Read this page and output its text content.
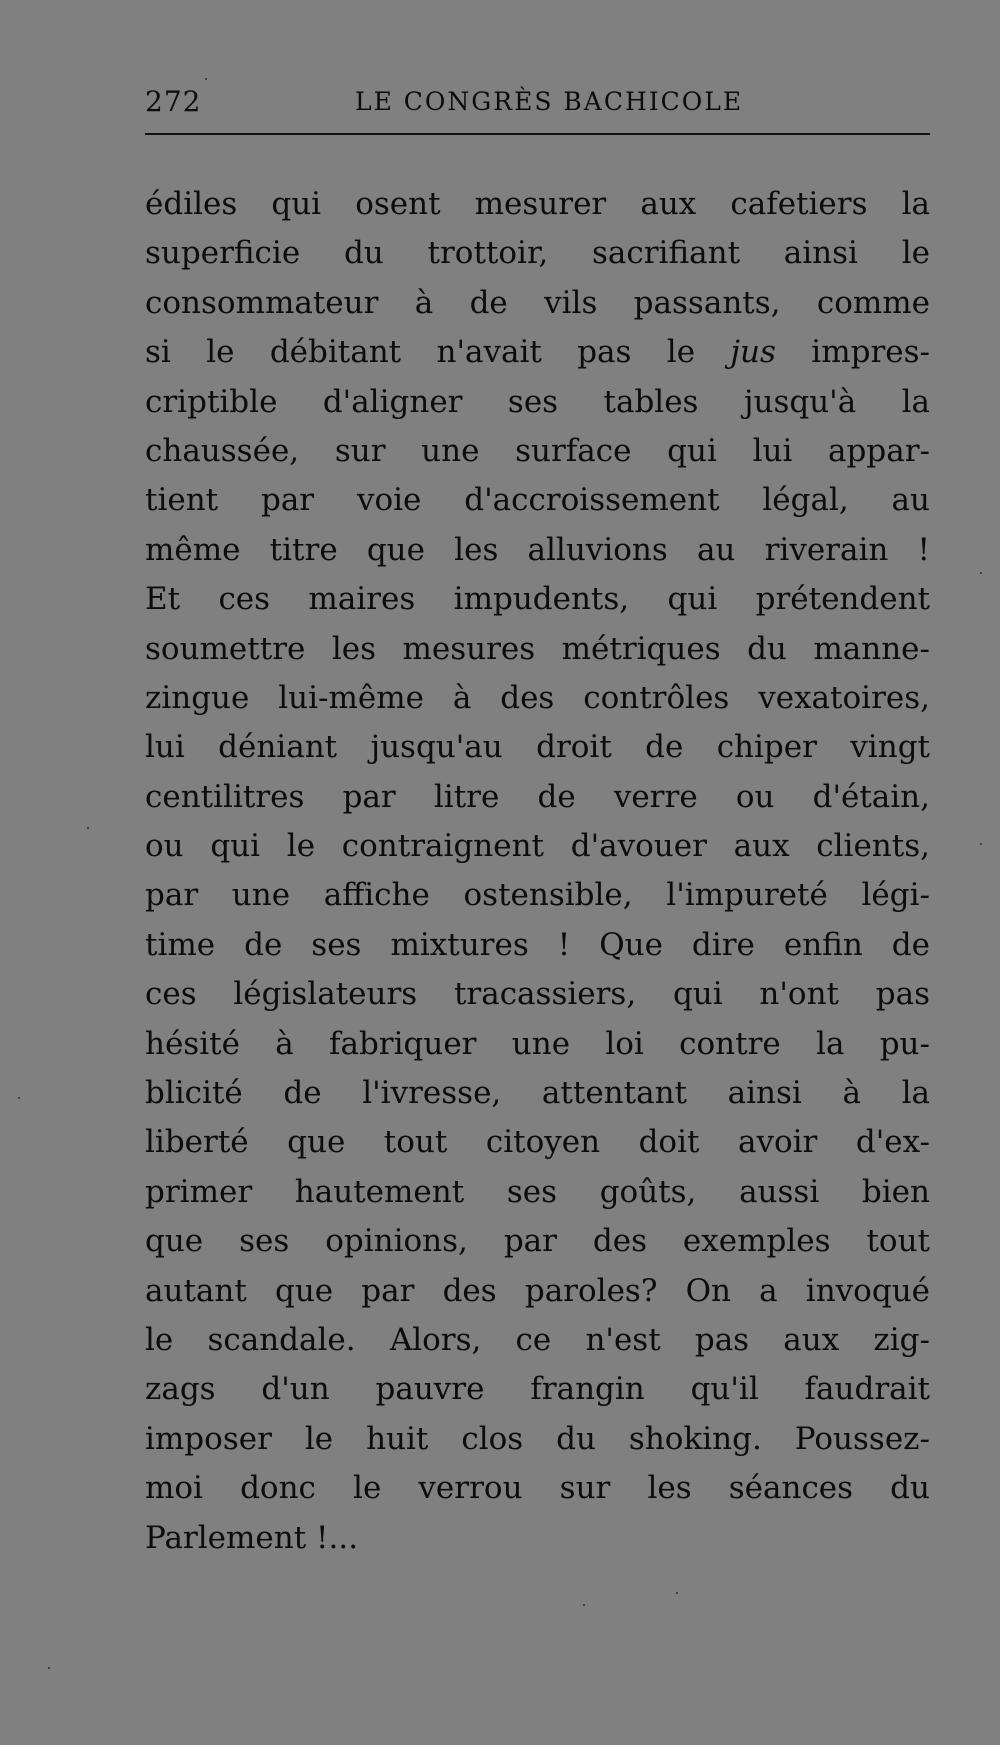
272	LE CONGRÈS BACHICOLE
édiles qui osent mesurer aux cafetiers la
superficie du trottoir, sacrifiant ainsi le
consommateur à de vils passants, comme
si le débitant n'avait pas le jus impres-
criptible d'aligner ses tables jusqu'à la
chaussée, sur une surface qui lui appar-
tient par voie d'accroissement légal, au
même titre que les alluvions au riverain !
Et ces maires impudents, qui prétendent
soumettre les mesures métriques du manne-
zingue lui-même à des contrôles vexatoires,
lui déniant jusqu'au droit de chiper vingt
centilitres par litre de verre ou d'étain,
ou qui le contraignent d'avouer aux clients,
par une affiche ostensible, l'impureté légi-
time de ses mixtures ! Que dire enfin de
ces législateurs tracassiers, qui n'ont pas
hésité à fabriquer une loi contre la pu-
blicité de l'ivresse, attentant ainsi à la
liberté que tout citoyen doit avoir d'ex-
primer hautement ses goûts, aussi bien
que ses opinions, par des exemples tout
autant que par des paroles? On a invoqué
le scandale. Alors, ce n'est pas aux zig-
zags d'un pauvre frangin qu'il faudrait
imposer le huit clos du shoking. Poussez-
moi donc le verrou sur les séances du
Parlement !...
